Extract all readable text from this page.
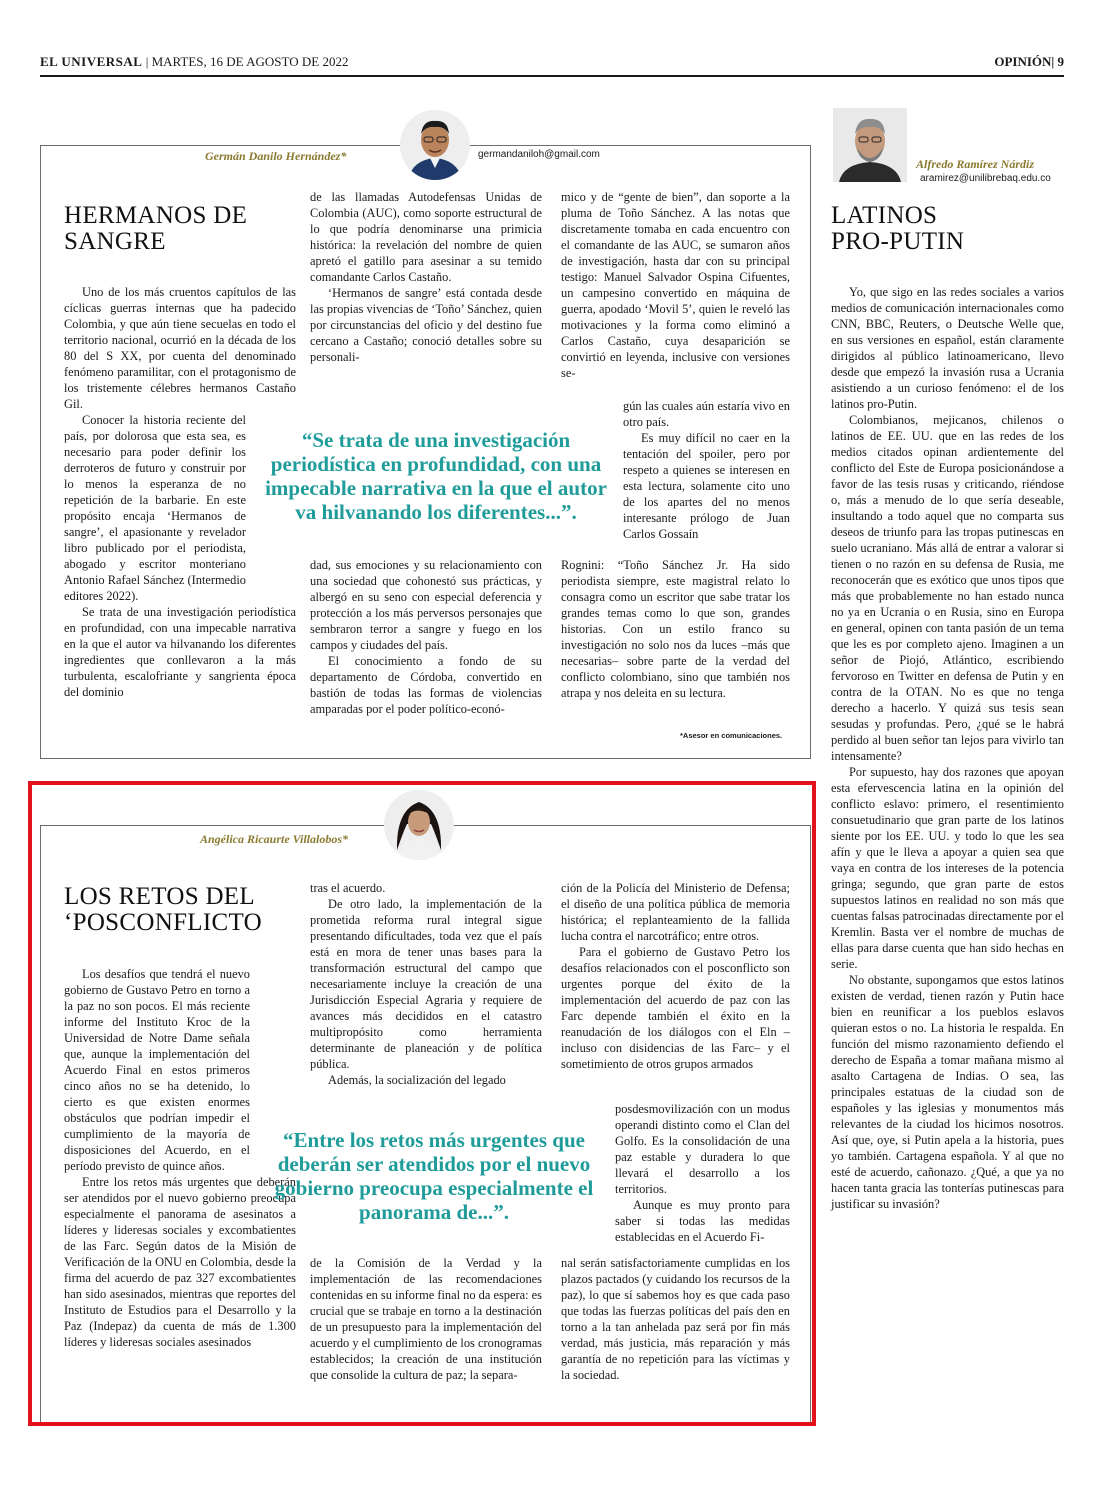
EL UNIVERSAL | MARTES, 16 DE AGOSTO DE 2022	OPINIÓN| 9
Germán Danilo Hernández*	germandaniloh@gmail.com
HERMANOS DE SANGRE

Uno de los más cruentos capítulos de las cíclicas guerras internas que ha padecido Colombia, y que aún tiene secuelas en todo el territorio nacional, ocurrió en la década de los 80 del S XX, por cuenta del denominado fenómeno paramilitar, con el protagonismo de los tristemente célebres hermanos Castaño Gil.

Conocer la historia reciente del país, por dolorosa que esta sea, es necesario para poder definir los derroteros de futuro y construir por lo menos la esperanza de no repetición de la barbarie. En este propósito encaja ‘Hermanos de sangre’, el apasionante y revelador libro publicado por el periodista, abogado y escritor monteriano Antonio Rafael Sánchez (Intermedio editores 2022).

Se trata de una investigación periodística en profundidad, con una impecable narrativa en la que el autor va hilvanando los diferentes ingredientes que conllevaron a la más turbulenta, escalofriante y sangrienta época del dominio

de las llamadas Autodefensas Unidas de Colombia (AUC), como soporte estructural de lo que podría denominarse una primicia histórica: la revelación del nombre de quien apretó el gatillo para asesinar a su temido comandante Carlos Castaño.

‘Hermanos de sangre’ está contada desde las propias vivencias de ‘Toño’ Sánchez, quien por circunstancias del oficio y del destino fue cercano a Castaño; conoció detalles sobre su personali-

dad, sus emociones y su relacionamiento con una sociedad que cohonestó sus prácticas, y albergó en su seno con especial deferencia y protección a los más perversos personajes que sembraron terror a sangre y fuego en los campos y ciudades del país.

El conocimiento a fondo de su departamento de Córdoba, convertido en bastión de todas las formas de violencias amparadas por el poder político-econó-

mico y de “gente de bien”, dan soporte a la pluma de Toño Sánchez. A las notas que discretamente tomaba en cada encuentro con el comandante de las AUC, se sumaron años de investigación, hasta dar con su principal testigo: Manuel Salvador Ospina Cifuentes, un campesino convertido en máquina de guerra, apodado ‘Movil 5’, quien le reveló las motivaciones y la forma como eliminó a Carlos Castaño, cuya desaparición se convirtió en leyenda, inclusive con versiones se-

gún las cuales aún estaría vivo en otro país.

Es muy difícil no caer en la tentación del spoiler, pero por respeto a quienes se interesen en esta lectura, solamente cito uno de los apartes del no menos interesante prólogo de Juan Carlos Gossaín

Rognini: “Toño Sánchez Jr. Ha sido periodista siempre, este magistral relato lo consagra como un escritor que sabe tratar los grandes temas como lo que son, grandes historias. Con un estilo franco su investigación no solo nos da luces –más que necesarias– sobre parte de la verdad del conflicto colombiano, sino que también nos atrapa y nos deleita en su lectura.

“Se trata de una investigación periodística en profundidad, con una impecable narrativa en la que el autor va hilvanando los diferentes...”.
*Asesor en comunicaciones.
Angélica Ricaurte Villalobos*
LOS RETOS DEL ‘POSCONFLICTO

Los desafíos que tendrá el nuevo gobierno de Gustavo Petro en torno a la paz no son pocos. El más reciente informe del Instituto Kroc de la Universidad de Notre Dame señala que, aunque la implementación del Acuerdo Final en estos primeros cinco años no se ha detenido, lo cierto es que existen enormes obstáculos que podrían impedir el cumplimiento de la mayoría de disposiciones del Acuerdo, en el período previsto de quince años.

Entre los retos más urgentes que deberán ser atendidos por el nuevo gobierno preocupa especialmente el panorama de asesinatos a líderes y lideresas sociales y excombatientes de las Farc. Según datos de la Misión de Verificación de la ONU en Colombia, desde la firma del acuerdo de paz 327 excombatientes han sido asesinados, mientras que reportes del Instituto de Estudios para el Desarrollo y la Paz (Indepaz) da cuenta de más de 1.300 líderes y lideresas sociales asesinados

tras el acuerdo.

De otro lado, la implementación de la prometida reforma rural integral sigue presentando dificultades, toda vez que el país está en mora de tener unas bases para la transformación estructural del campo que necesariamente incluye la creación de una Jurisdicción Especial Agraria y requiere de avances más decididos en el catastro multipropósito como herramienta determinante de planeación y de política pública.

Además, la socialización del legado

de la Comisión de la Verdad y la implementación de las recomendaciones contenidas en su informe final no da espera: es crucial que se trabaje en torno a la destinación de un presupuesto para la implementación del acuerdo y el cumplimiento de los cronogramas establecidos; la creación de una institución que consolide la cultura de paz; la separa-

ción de la Policía del Ministerio de Defensa; el diseño de una política pública de memoria histórica; el replanteamiento de la fallida lucha contra el narcotráfico; entre otros.

Para el gobierno de Gustavo Petro los desafíos relacionados con el posconflicto son urgentes porque del éxito de la implementación del acuerdo de paz con las Farc depende también el éxito en la reanudación de los diálogos con el Eln –incluso con disidencias de las Farc– y el sometimiento de otros grupos armados

posdesmovilización con un modus operandi distinto como el Clan del Golfo. Es la consolidación de una paz estable y duradera lo que llevará el desarrollo a los territorios.

Aunque es muy pronto para saber si todas las medidas establecidas en el Acuerdo Fi-

nal serán satisfactoriamente cumplidas en los plazos pactados (y cuidando los recursos de la paz), lo que sí sabemos hoy es que cada paso que todas las fuerzas políticas del país den en torno a la tan anhelada paz será por fin más verdad, más justicia, más reparación y más garantía de no repetición para las víctimas y la sociedad.

“Entre los retos más urgentes que deberán ser atendidos por el nuevo gobierno preocupa especialmente el panorama de...”.
Alfredo Ramírez Nárdiz
aramirez@unilibrebaq.edu.co
LATINOS
PRO-PUTIN

Yo, que sigo en las redes sociales a varios medios de comunicación internacionales como CNN, BBC, Reuters, o Deutsche Welle que, en sus versiones en español, están claramente dirigidos al público latinoamericano, llevo desde que empezó la invasión rusa a Ucrania asistiendo a un curioso fenómeno: el de los latinos pro-Putin.

Colombianos, mejicanos, chilenos o latinos de EE. UU. que en las redes de los medios citados opinan ardientemente del conflicto del Este de Europa posicionándose a favor de las tesis rusas y criticando, riéndose o, más a menudo de lo que sería deseable, insultando a todo aquel que no comparta sus deseos de triunfo para las tropas putinescas en suelo ucraniano. Más allá de entrar a valorar si tienen o no razón en su defensa de Rusia, me reconocerán que es exótico que unos tipos que más que probablemente no han estado nunca no ya en Ucrania o en Rusia, sino en Europa en general, opinen con tanta pasión de un tema que les es por completo ajeno. Imaginen a un señor de Piojó, Atlántico, escribiendo fervoroso en Twitter en defensa de Putin y en contra de la OTAN. No es que no tenga derecho a hacerlo. Y quizá sus tesis sean sesudas y profundas. Pero, ¿qué se le habrá perdido al buen señor tan lejos para vivirlo tan intensamente?

Por supuesto, hay dos razones que apoyan esta efervescencia latina en la opinión del conflicto eslavo: primero, el resentimiento consuetudinario que gran parte de los latinos siente por los EE. UU. y todo lo que les sea afín y que le lleva a apoyar a quien sea que vaya en contra de los intereses de la potencia gringa; segundo, que gran parte de estos supuestos latinos en realidad no son más que cuentas falsas patrocinadas directamente por el Kremlin. Basta ver el nombre de muchas de ellas para darse cuenta que han sido hechas en serie.

No obstante, supongamos que estos latinos existen de verdad, tienen razón y Putin hace bien en reunificar a los pueblos eslavos quieran estos o no. La historia le respalda. En función del mismo razonamiento defiendo el derecho de España a tomar mañana mismo al asalto Cartagena de Indias. O sea, las principales estatuas de la ciudad son de españoles y las iglesias y monumentos más relevantes de la ciudad los hicimos nosotros. Así que, oye, si Putin apela a la historia, pues yo también. Cartagena española. Y al que no esté de acuerdo, cañonazo. ¿Qué, a que ya no hacen tanta gracia las tonterías putinescas para justificar su invasión?
